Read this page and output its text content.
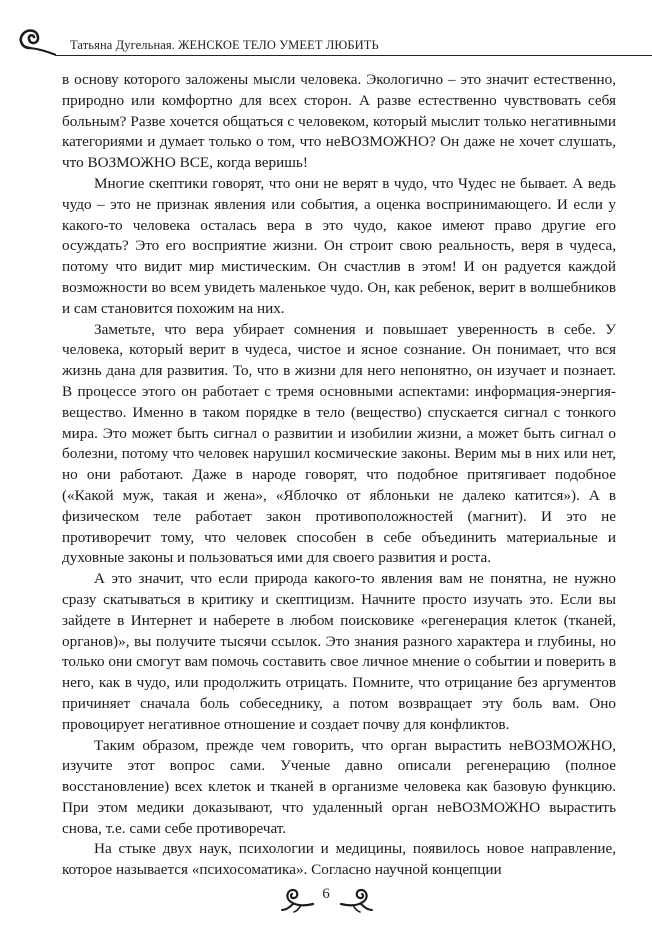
Татьяна Дугельная. ЖЕНСКОЕ ТЕЛО УМЕЕТ ЛЮБИТЬ

в основу которого заложены мысли человека. Экологично – это значит естественно, природно или комфортно для всех сторон. А разве естественно чувствовать себя больным? Разве хочется общаться с человеком, который мыслит только негативными категориями и думает только о том, что неВОЗМОЖНО? Он даже не хочет слушать, что ВОЗМОЖНО ВСЕ, когда веришь!

Многие скептики говорят, что они не верят в чудо, что Чудес не бывает. А ведь чудо – это не признак явления или события, а оценка воспринимающего. И если у какого-то человека осталась вера в это чудо, какое имеют право другие его осуждать? Это его восприятие жизни. Он строит свою реальность, веря в чудеса, потому что видит мир мистическим. Он счастлив в этом! И он радуется каждой возможности во всем увидеть маленькое чудо. Он, как ребенок, верит в волшебников и сам становится похожим на них.

Заметьте, что вера убирает сомнения и повышает уверенность в себе. У человека, который верит в чудеса, чистое и ясное сознание. Он понимает, что вся жизнь дана для развития. То, что в жизни для него непонятно, он изучает и познает. В процессе этого он работает с тремя основными аспектами: информация-энергия-вещество. Именно в таком порядке в тело (вещество) спускается сигнал с тонкого мира. Это может быть сигнал о развитии и изобилии жизни, а может быть сигнал о болезни, потому что человек нарушил космические законы. Верим мы в них или нет, но они работают. Даже в народе говорят, что подобное притягивает подобное («Какой муж, такая и жена», «Яблочко от яблоньки не далеко катится»). А в физическом теле работает закон противоположностей (магнит). И это не противоречит тому, что человек способен в себе объединить материальные и духовные законы и пользоваться ими для своего развития и роста.

А это значит, что если природа какого-то явления вам не понятна, не нужно сразу скатываться в критику и скептицизм. Начните просто изучать это. Если вы зайдете в Интернет и наберете в любом поисковике «регенерация клеток (тканей, органов)», вы получите тысячи ссылок. Это знания разного характера и глубины, но только они смогут вам помочь составить свое личное мнение о событии и поверить в него, как в чудо, или продолжить отрицать. Помните, что отрицание без аргументов причиняет сначала боль собеседнику, а потом возвращает эту боль вам. Оно провоцирует негативное отношение и создает почву для конфликтов.

Таким образом, прежде чем говорить, что орган вырастить неВОЗМОЖНО, изучите этот вопрос сами. Ученые давно описали регенерацию (полное восстановление) всех клеток и тканей в организме человека как базовую функцию. При этом медики доказывают, что удаленный орган неВОЗМОЖНО вырастить снова, т.е. сами себе противоречат.

На стыке двух наук, психологии и медицины, появилось новое направление, которое называется «психосоматика». Согласно научной концепции

6
